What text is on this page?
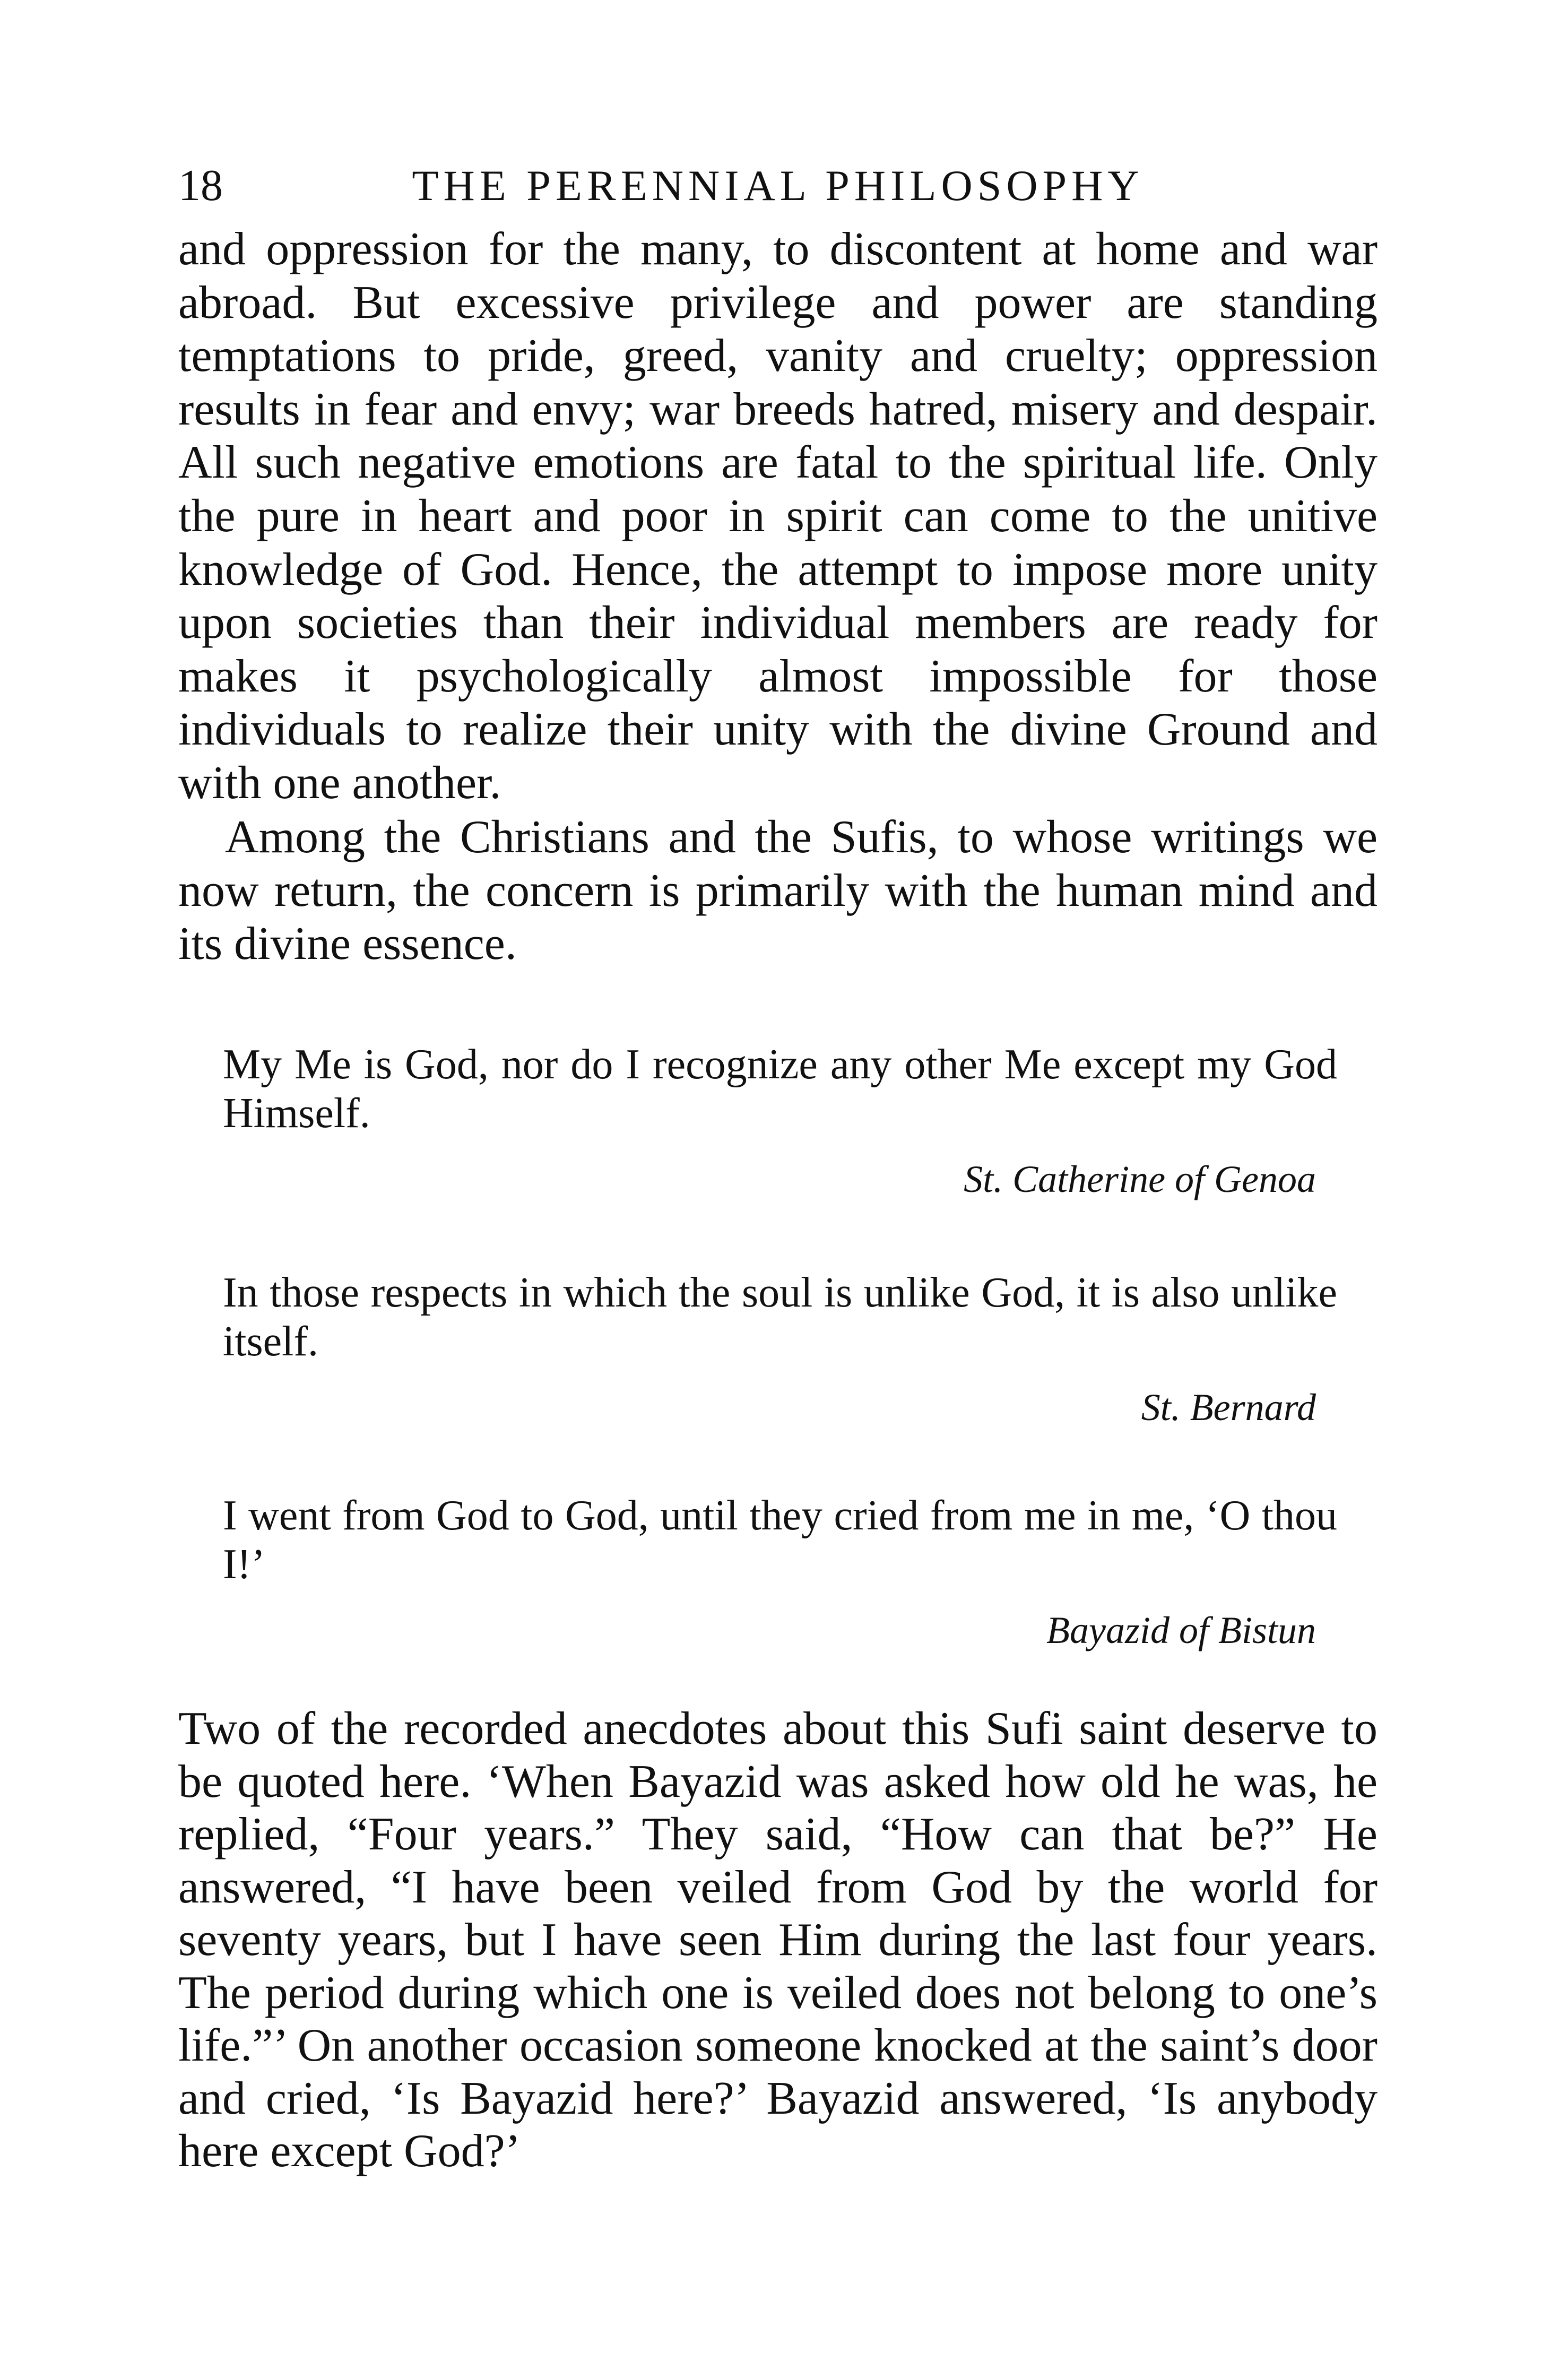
18	THE PERENNIAL PHILOSOPHY

and oppression for the many, to discontent at home and war abroad. But excessive privilege and power are standing temptations to pride, greed, vanity and cruelty; oppression results in fear and envy; war breeds hatred, misery and despair. All such negative emotions are fatal to the spiritual life. Only the pure in heart and poor in spirit can come to the unitive knowledge of God. Hence, the attempt to impose more unity upon societies than their individual members are ready for makes it psychologically almost impossible for those individuals to realize their unity with the divine Ground and with one another.

Among the Christians and the Sufis, to whose writings we now return, the concern is primarily with the human mind and its divine essence.

My Me is God, nor do I recognize any other Me except my God Himself.

St. Catherine of Genoa

In those respects in which the soul is unlike God, it is also unlike itself.

St. Bernard

I went from God to God, until they cried from me in me, ‘O thou I!’

Bayazid of Bistun

Two of the recorded anecdotes about this Sufi saint deserve to be quoted here. ‘When Bayazid was asked how old he was, he replied, “Four years.” They said, “How can that be?” He answered, “I have been veiled from God by the world for seventy years, but I have seen Him during the last four years. The period during which one is veiled does not belong to one’s life.”’ On another occasion someone knocked at the saint’s door and cried, ‘Is Bayazid here?’ Bayazid answered, ‘Is anybody here except God?’
